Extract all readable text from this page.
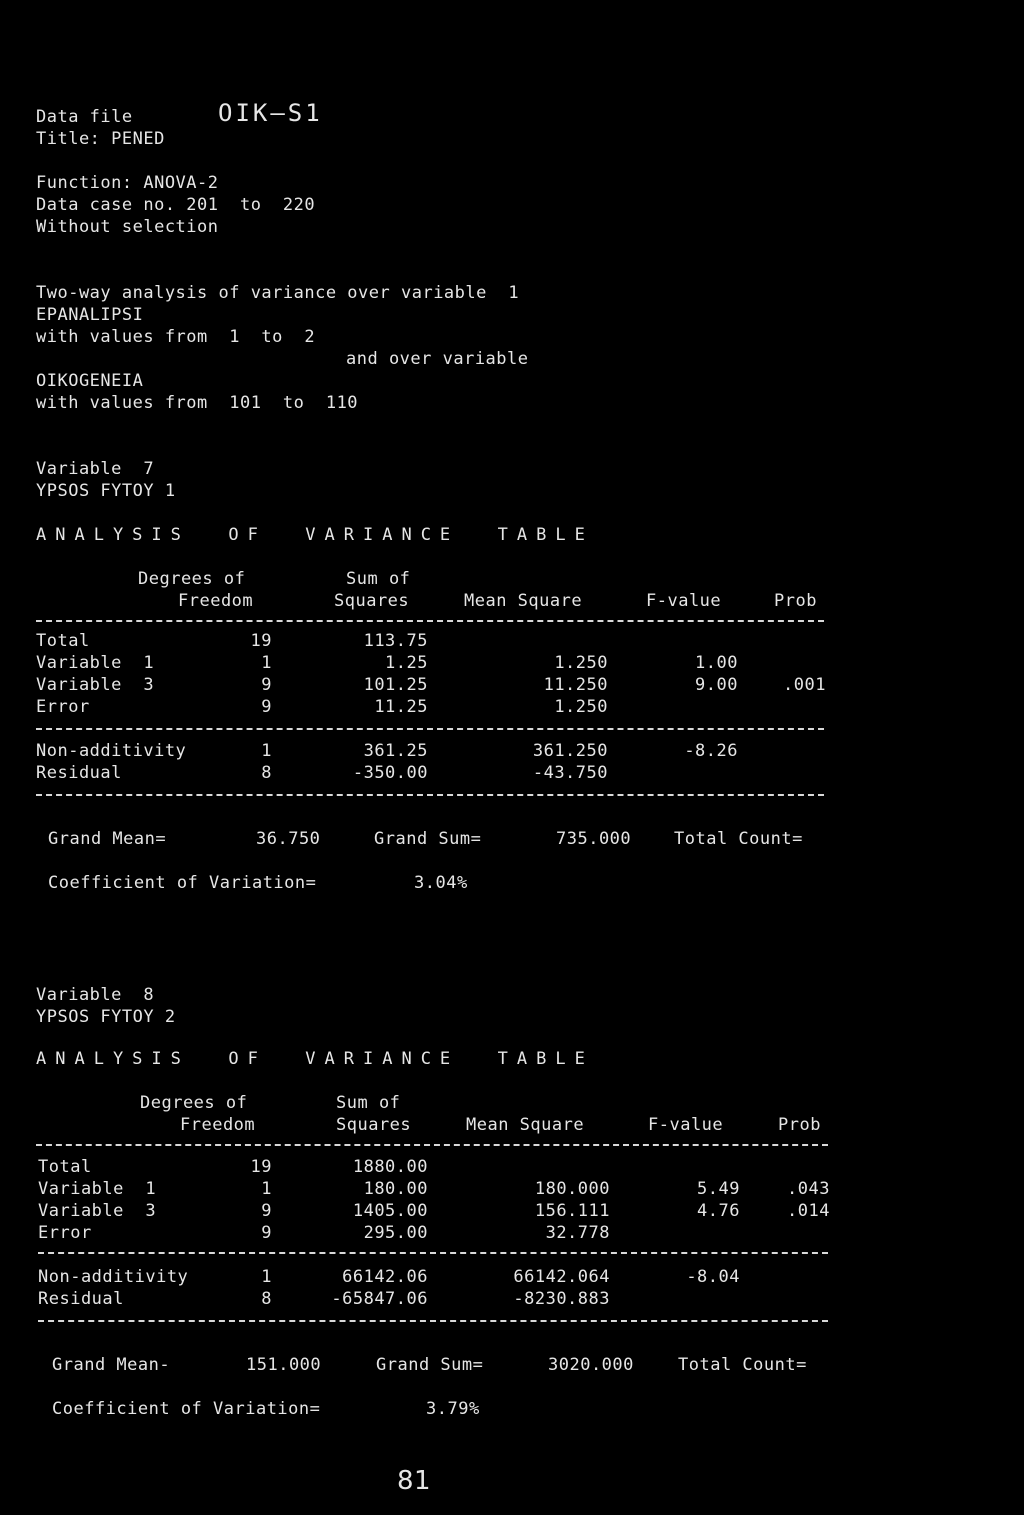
Data file	OIK—S1
Title: PENED
Function: ANOVA-2
Data case no. 201  to  220
Without selection
Two-way analysis of variance over variable  1
EPANALIPSI
with values from  1  to  2
and over variable
OIKOGENEIA
with values from  101  to  110
Variable  7
YPSOS FYTOY 1
ANALYSIS  OF  VARIANCE  TABLE
Degrees of	Sum of
Freedom	Squares	Mean Square	F-value	Prob
Total	19	113.75
Variable  1	1	1.25	1.250	1.00
Variable  3	9	101.25	11.250	9.00	.001
Error	9	11.25	1.250
Non-additivity	1	361.25	361.250	-8.26
Residual	8	-350.00	-43.750
Grand Mean=	36.750	Grand Sum=	735.000	Total Count=
Coefficient of Variation=	3.04%
Variable  8
YPSOS FYTOY 2
ANALYSIS  OF  VARIANCE  TABLE
Degrees of	Sum of
Freedom	Squares	Mean Square	F-value	Prob
Total	19	1880.00
Variable  1	1	180.00	180.000	5.49	.043
Variable  3	9	1405.00	156.111	4.76	.014
Error	9	295.00	32.778
Non-additivity	1	66142.06	66142.064	-8.04
Residual	8	-65847.06	-8230.883
Grand Mean-	151.000	Grand Sum=	3020.000	Total Count=
Coefficient of Variation=	3.79%
81
